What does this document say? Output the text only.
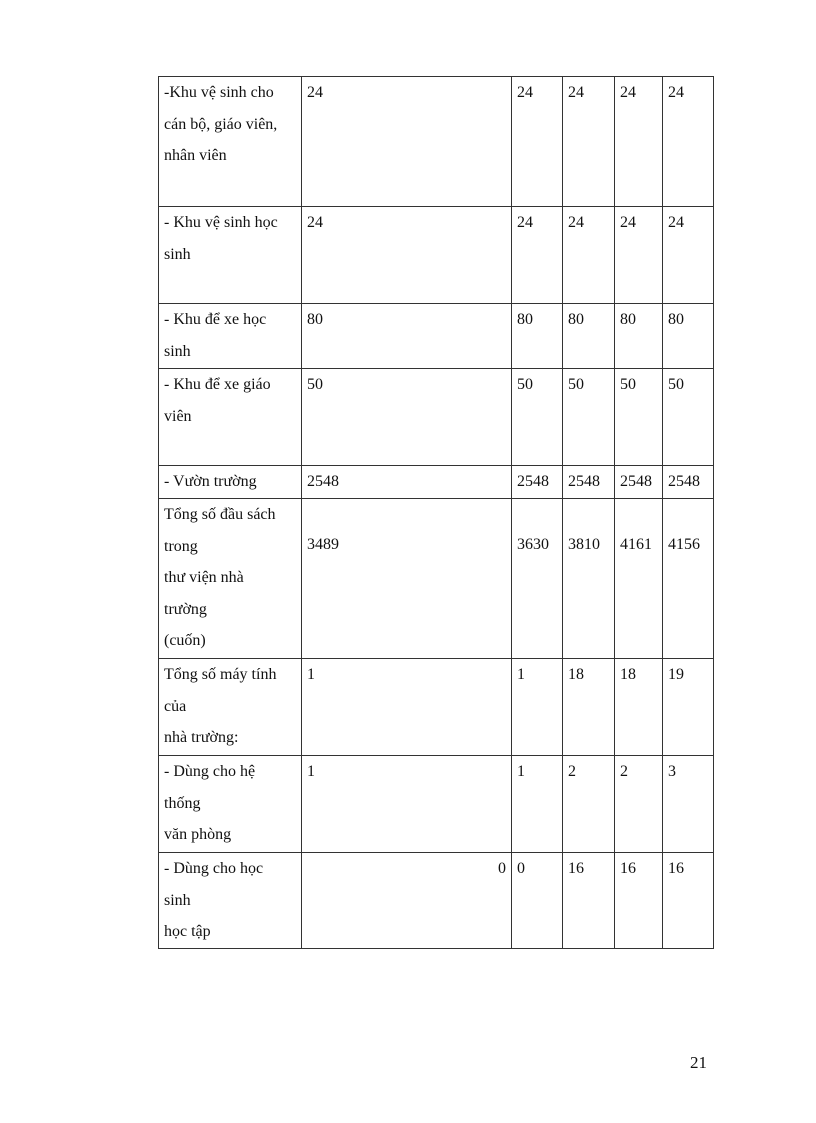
-Khu vệ sinh cho
cán bộ, giáo viên,
nhân viên	24	24	24	24	24
- Khu vệ sinh học
sinh	24	24	24	24	24
- Khu để xe học
sinh	80	80	80	80	80
- Khu để xe giáo
viên	50	50	50	50	50
- Vườn trường	2548	2548	2548	2548	2548
Tổng số đầu sách
trong
thư viện nhà
trường
(cuốn)	3489	3630	3810	4161	4156
Tổng số máy tính
của
nhà trường:	1	1	18	18	19
- Dùng cho hệ
thống
văn phòng	1	1	2	2	3
- Dùng cho học
sinh
học tập	0	0	16	16	16
21
